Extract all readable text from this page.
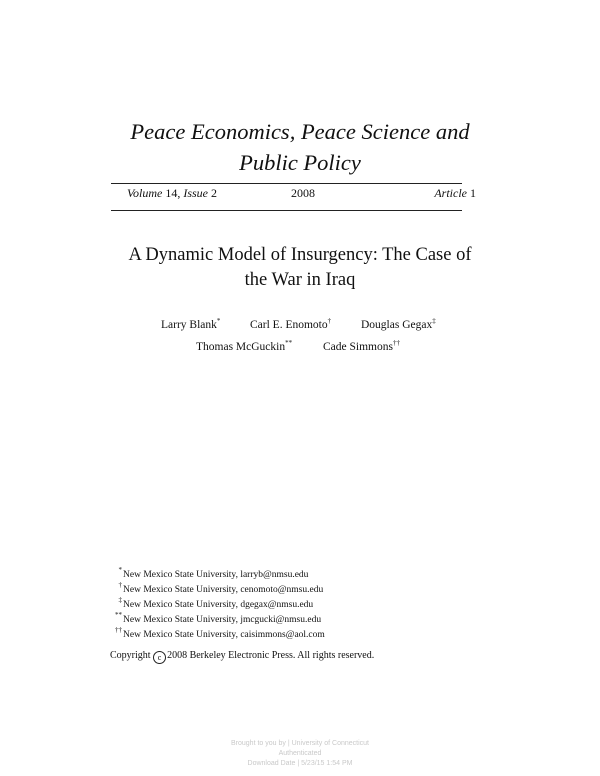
Peace Economics, Peace Science and
Public Policy
Volume 14, Issue 2	2008	Article 1
A Dynamic Model of Insurgency: The Case of
the War in Iraq
Larry Blank*	Carl E. Enomoto†	Douglas Gegax‡
Thomas McGuckin**	Cade Simmons††
*New Mexico State University, larryb@nmsu.edu
†New Mexico State University, cenomoto@nmsu.edu
‡New Mexico State University, dgegax@nmsu.edu
**New Mexico State University, jmcgucki@nmsu.edu
††New Mexico State University, caisimmons@aol.com
Copyright c 2008 Berkeley Electronic Press. All rights reserved.
Brought to you by | University of Connecticut
Authenticated
Download Date | 5/23/15 1:54 PM
